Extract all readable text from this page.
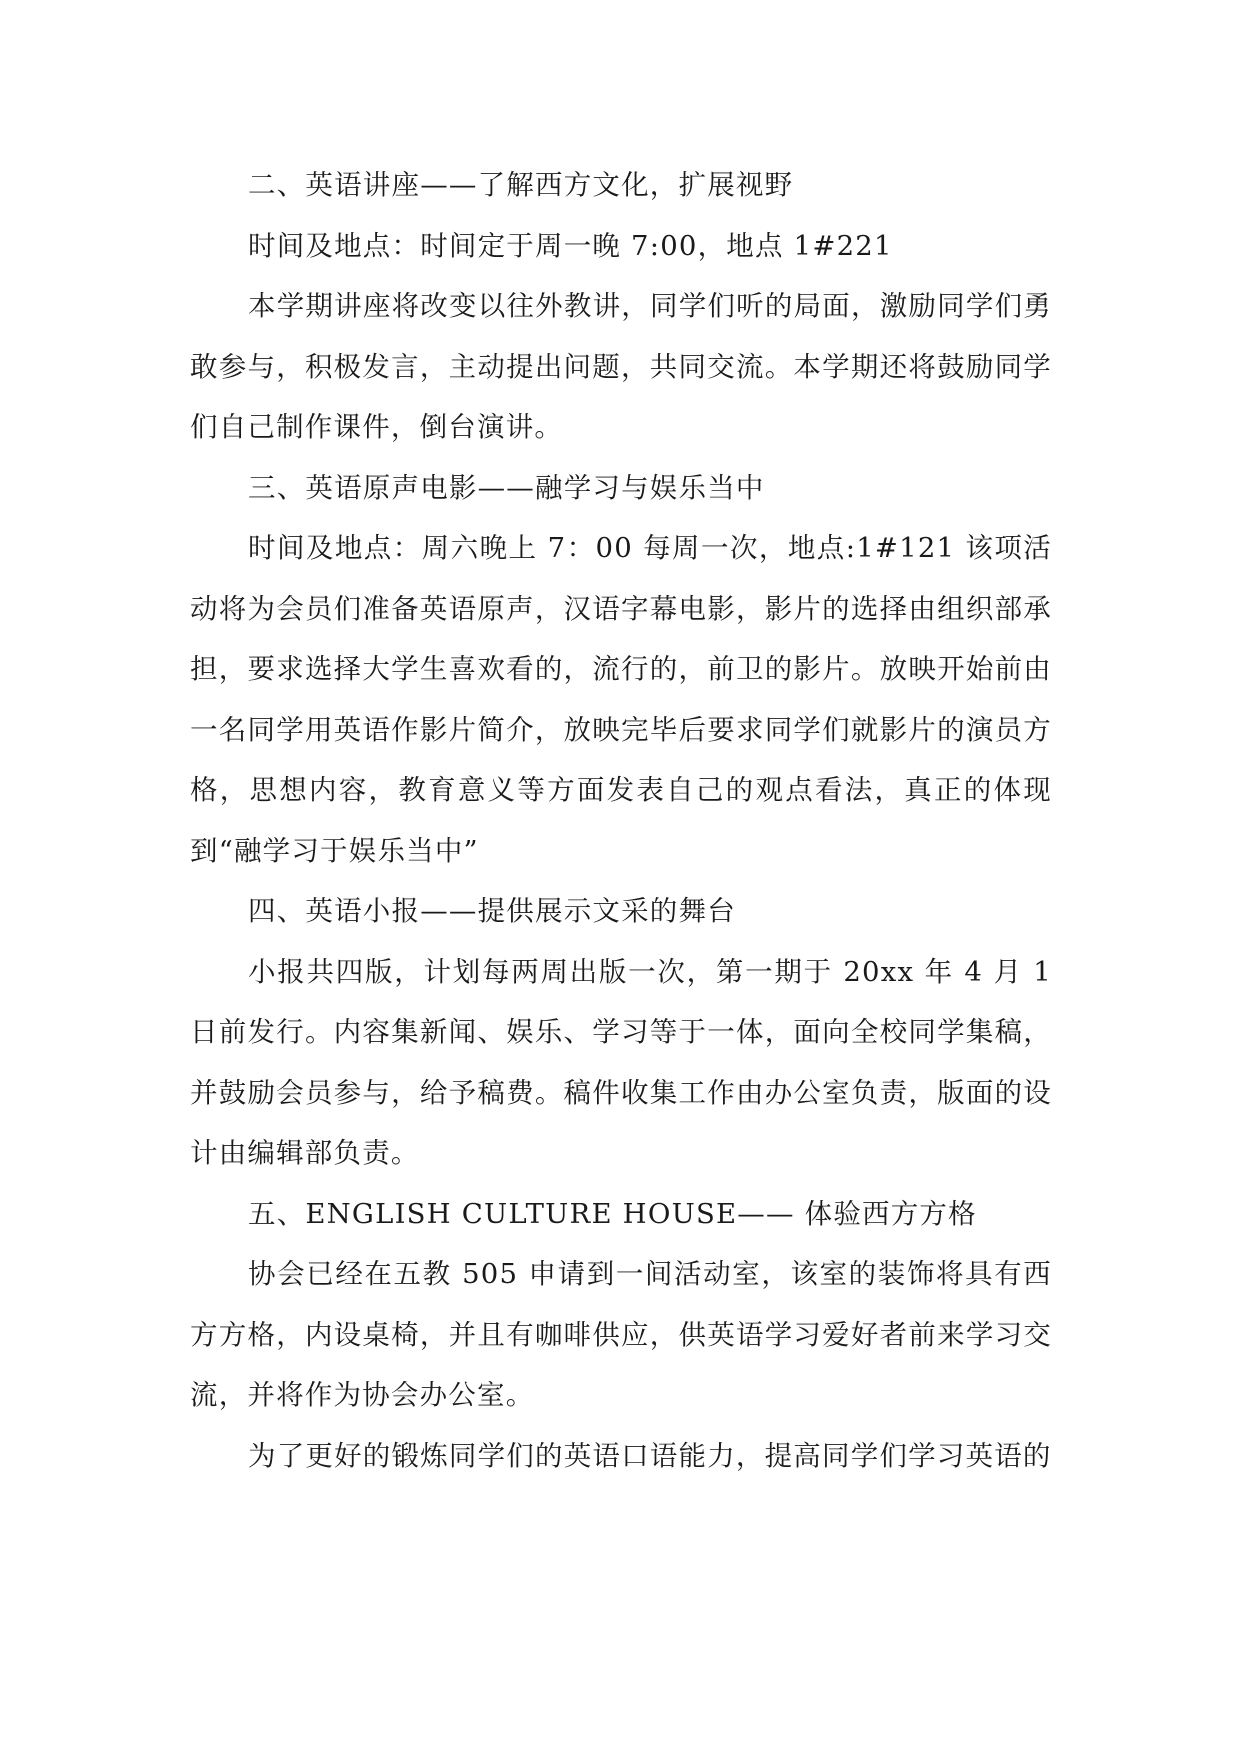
二、英语讲座——了解西方文化，扩展视野

时间及地点：时间定于周一晚 7:00，地点 1#221

本学期讲座将改变以往外教讲，同学们听的局面，激励同学们勇敢参与，积极发言，主动提出问题，共同交流。本学期还将鼓励同学们自己制作课件，倒台演讲。

三、英语原声电影——融学习与娱乐当中

时间及地点：周六晚上 7：00 每周一次，地点:1#121 该项活动将为会员们准备英语原声，汉语字幕电影，影片的选择由组织部承担，要求选择大学生喜欢看的，流行的，前卫的影片。放映开始前由一名同学用英语作影片简介，放映完毕后要求同学们就影片的演员方格，思想内容，教育意义等方面发表自己的观点看法，真正的体现到“融学习于娱乐当中”

四、英语小报——提供展示文采的舞台

小报共四版，计划每两周出版一次，第一期于 20xx 年 4 月 1 日前发行。内容集新闻、娱乐、学习等于一体，面向全校同学集稿，并鼓励会员参与，给予稿费。稿件收集工作由办公室负责，版面的设计由编辑部负责。

五、ENGLISH CULTURE HOUSE—— 体验西方方格

协会已经在五教 505 申请到一间活动室，该室的装饰将具有西方方格，内设桌椅，并且有咖啡供应，供英语学习爱好者前来学习交流，并将作为协会办公室。

为了更好的锻炼同学们的英语口语能力，提高同学们学习英语的
